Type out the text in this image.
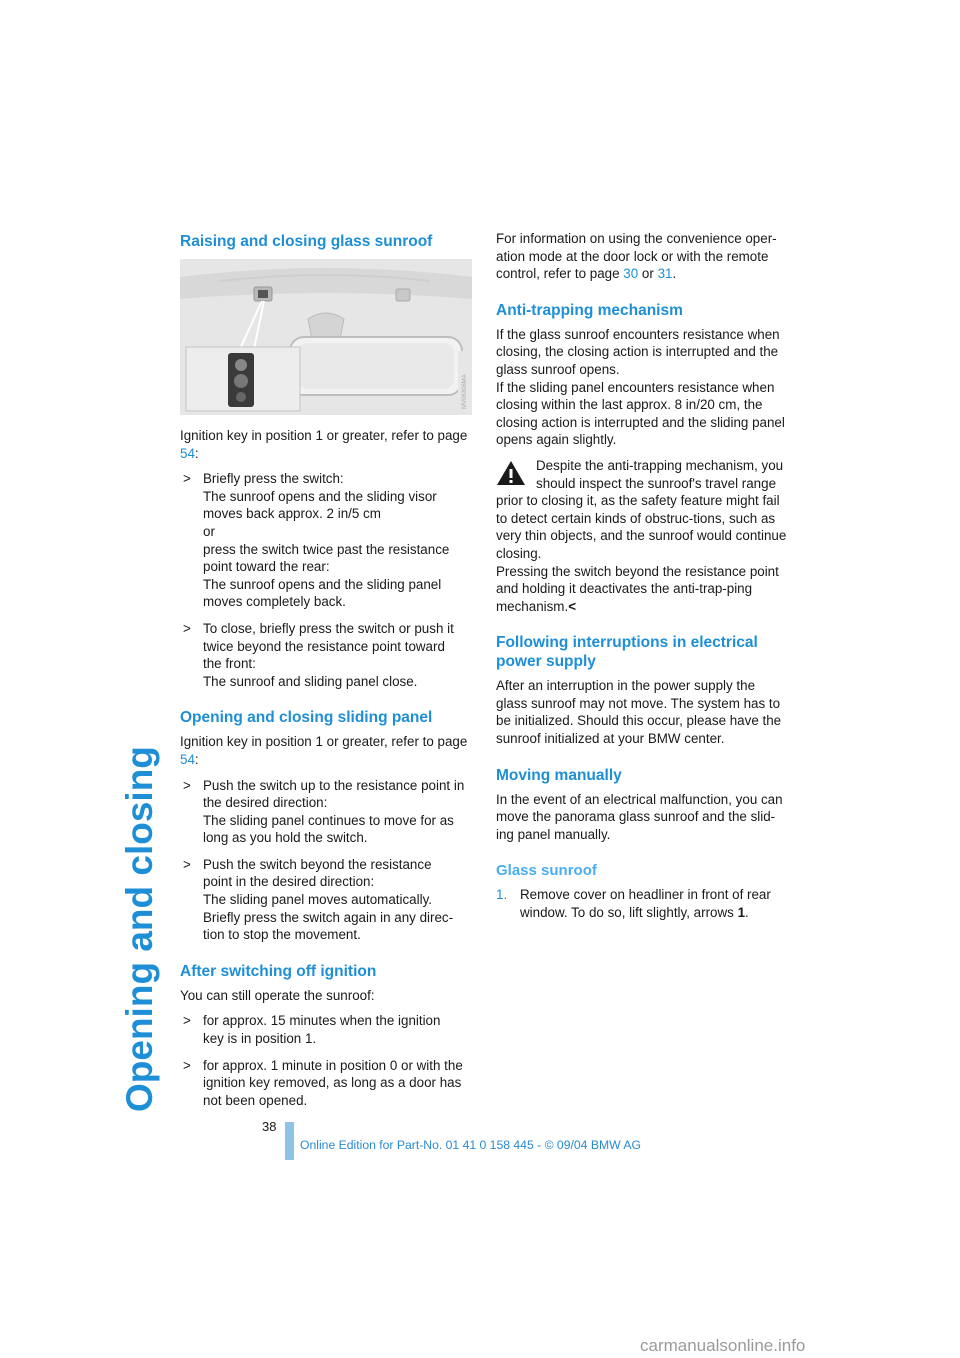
Opening and closing
Raising and closing glass sunroof
MV06306MA

Ignition key in position 1 or greater, refer to page 54:

> Briefly press the switch:
The sunroof opens and the sliding visor
moves back approx. 2 in/5 cm
or
press the switch twice past the resistance
point toward the rear:
The sunroof opens and the sliding panel
moves completely back.
> To close, briefly press the switch or push it
twice beyond the resistance point toward
the front:
The sunroof and sliding panel close.
Opening and closing sliding panel

Ignition key in position 1 or greater, refer to page 54:

> Push the switch up to the resistance point in
the desired direction:
The sliding panel continues to move for as
long as you hold the switch.
> Push the switch beyond the resistance
point in the desired direction:
The sliding panel moves automatically.
Briefly press the switch again in any direc-
tion to stop the movement.
After switching off ignition

You can still operate the sunroof:

> for approx. 15 minutes when the ignition
key is in position 1.
> for approx. 1 minute in position 0 or with the
ignition key removed, as long as a door has
not been opened.

For information on using the convenience oper-ation mode at the door lock or with the remote control, refer to page 30 or 31.

Anti-trapping mechanism

If the glass sunroof encounters resistance when closing, the closing action is interrupted and the glass sunroof opens.

If the sliding panel encounters resistance when closing within the last approx. 8 in/20 cm, the closing action is interrupted and the sliding panel opens again slightly.

Despite the anti-trapping mechanism, you should inspect the sunroof's travel range prior to closing it, as the safety feature might fail to detect certain kinds of obstruc-tions, such as very thin objects, and the sunroof would continue closing.
Pressing the switch beyond the resistance point and holding it deactivates the anti-trap-ping mechanism.<
Following interruptions in electrical power supply

After an interruption in the power supply the glass sunroof may not move. The system has to be initialized. Should this occur, please have the sunroof initialized at your BMW center.

Moving manually

In the event of an electrical malfunction, you can move the panorama glass sunroof and the slid-ing panel manually.

Glass sunroof
1. Remove cover on headliner in front of rear window. To do so, lift slightly, arrows 1.
38
Online Edition for Part-No. 01 41 0 158 445 - © 09/04 BMW AG
carmanualsonline.info
